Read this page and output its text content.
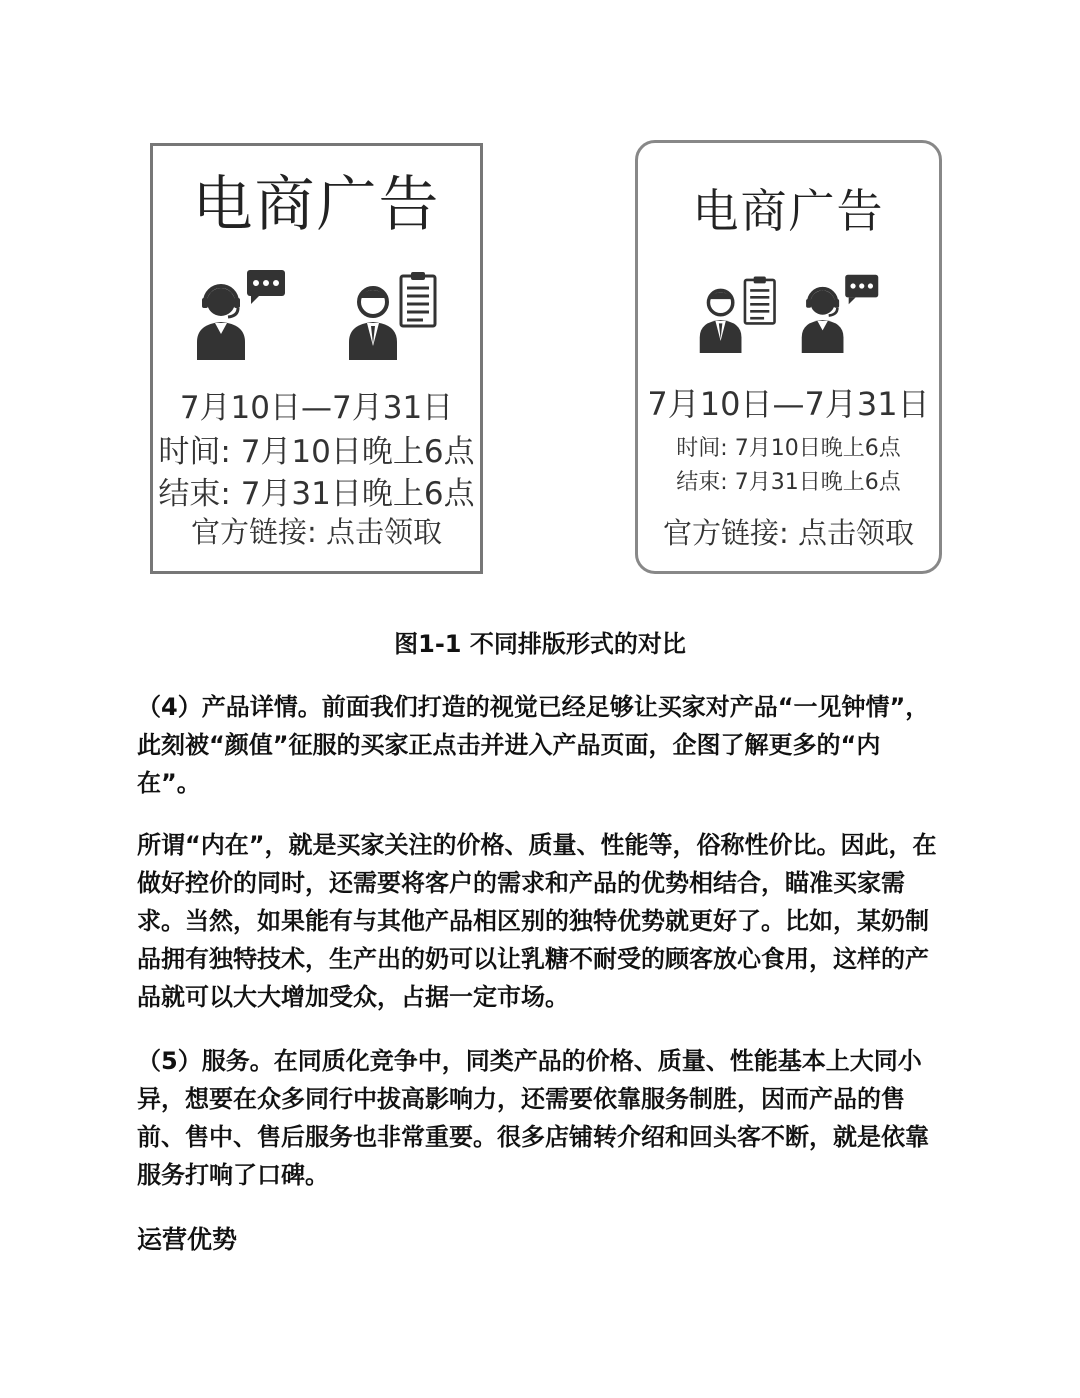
电商广告
7月10日—7月31日
时间: 7月10日晚上6点
结束: 7月31日晚上6点
官方链接: 点击领取
电商广告
7月10日—7月31日
时间: 7月10日晚上6点
结束: 7月31日晚上6点
官方链接: 点击领取
图1-1 不同排版形式的对比

（4）产品详情。前面我们打造的视觉已经足够让买家对产品“一见钟情”，此刻被“颜值”征服的买家正点击并进入产品页面，企图了解更多的“内在”。

所谓“内在”，就是买家关注的价格、质量、性能等，俗称性价比。因此，在做好控价的同时，还需要将客户的需求和产品的优势相结合，瞄准买家需求。当然，如果能有与其他产品相区别的独特优势就更好了。比如，某奶制品拥有独特技术，生产出的奶可以让乳糖不耐受的顾客放心食用，这样的产品就可以大大增加受众，占据一定市场。

（5）服务。在同质化竞争中，同类产品的价格、质量、性能基本上大同小异，想要在众多同行中拔高影响力，还需要依靠服务制胜，因而产品的售前、售中、售后服务也非常重要。很多店铺转介绍和回头客不断，就是依靠服务打响了口碑。

运营优势
